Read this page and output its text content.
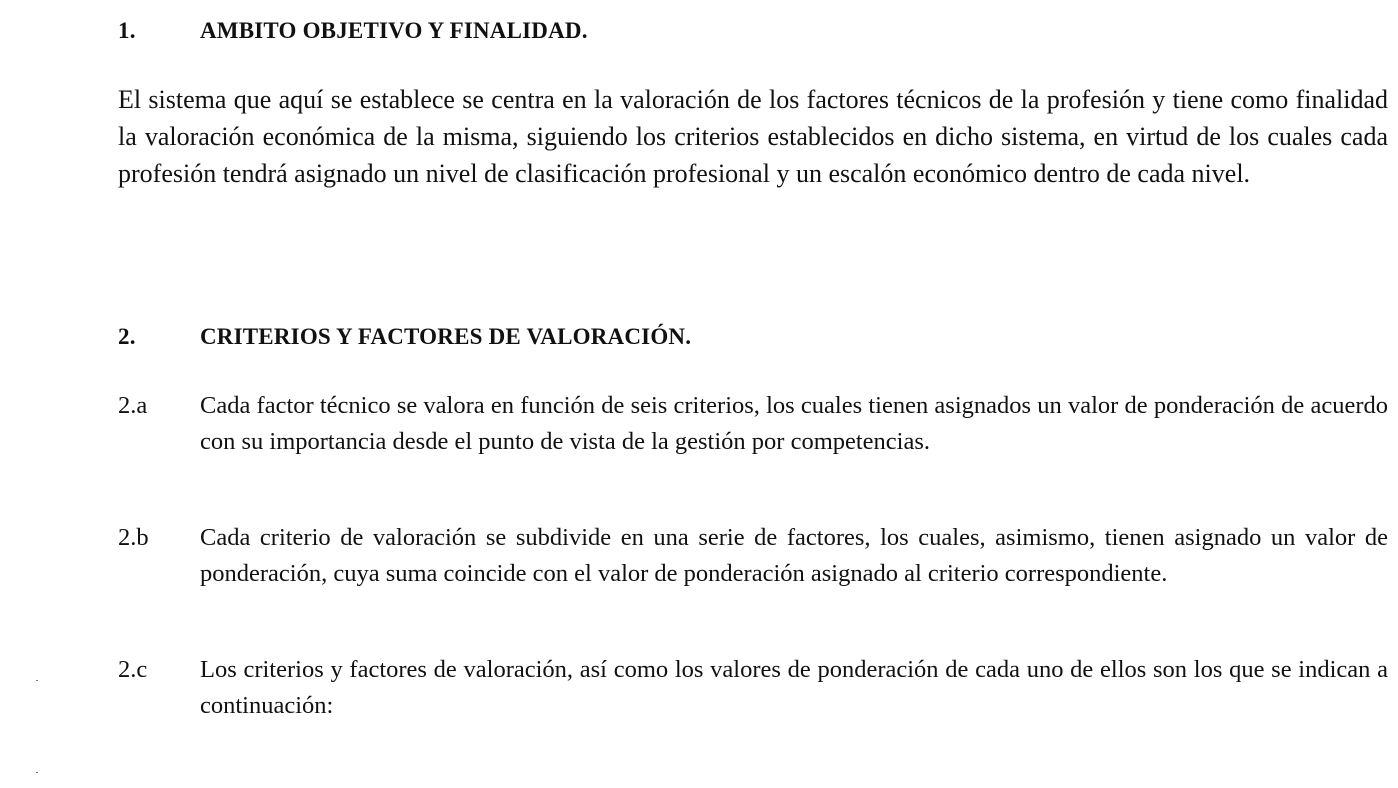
1.	AMBITO OBJETIVO Y FINALIDAD.
El sistema que aquí se establece se centra en la valoración de los factores técnicos de la profesión y tiene como finalidad la valoración económica de la misma, siguiendo los criterios establecidos en dicho sistema, en virtud de los cuales cada profesión tendrá asignado un nivel de clasificación profesional y un escalón económico dentro de cada nivel.
2.	CRITERIOS Y FACTORES DE VALORACIÓN.
2.a	Cada factor técnico se valora en función de seis criterios, los cuales tienen asignados un valor de ponderación de acuerdo con su importancia desde el punto de vista de la gestión por competencias.
2.b	Cada criterio de valoración se subdivide en una serie de factores, los cuales, asimismo, tienen asignado un valor de ponderación, cuya suma coincide con el valor de ponderación asignado al criterio correspondiente.
2.c	Los criterios y factores de valoración, así como los valores de ponderación de cada uno de ellos son los que se indican a continuación:
